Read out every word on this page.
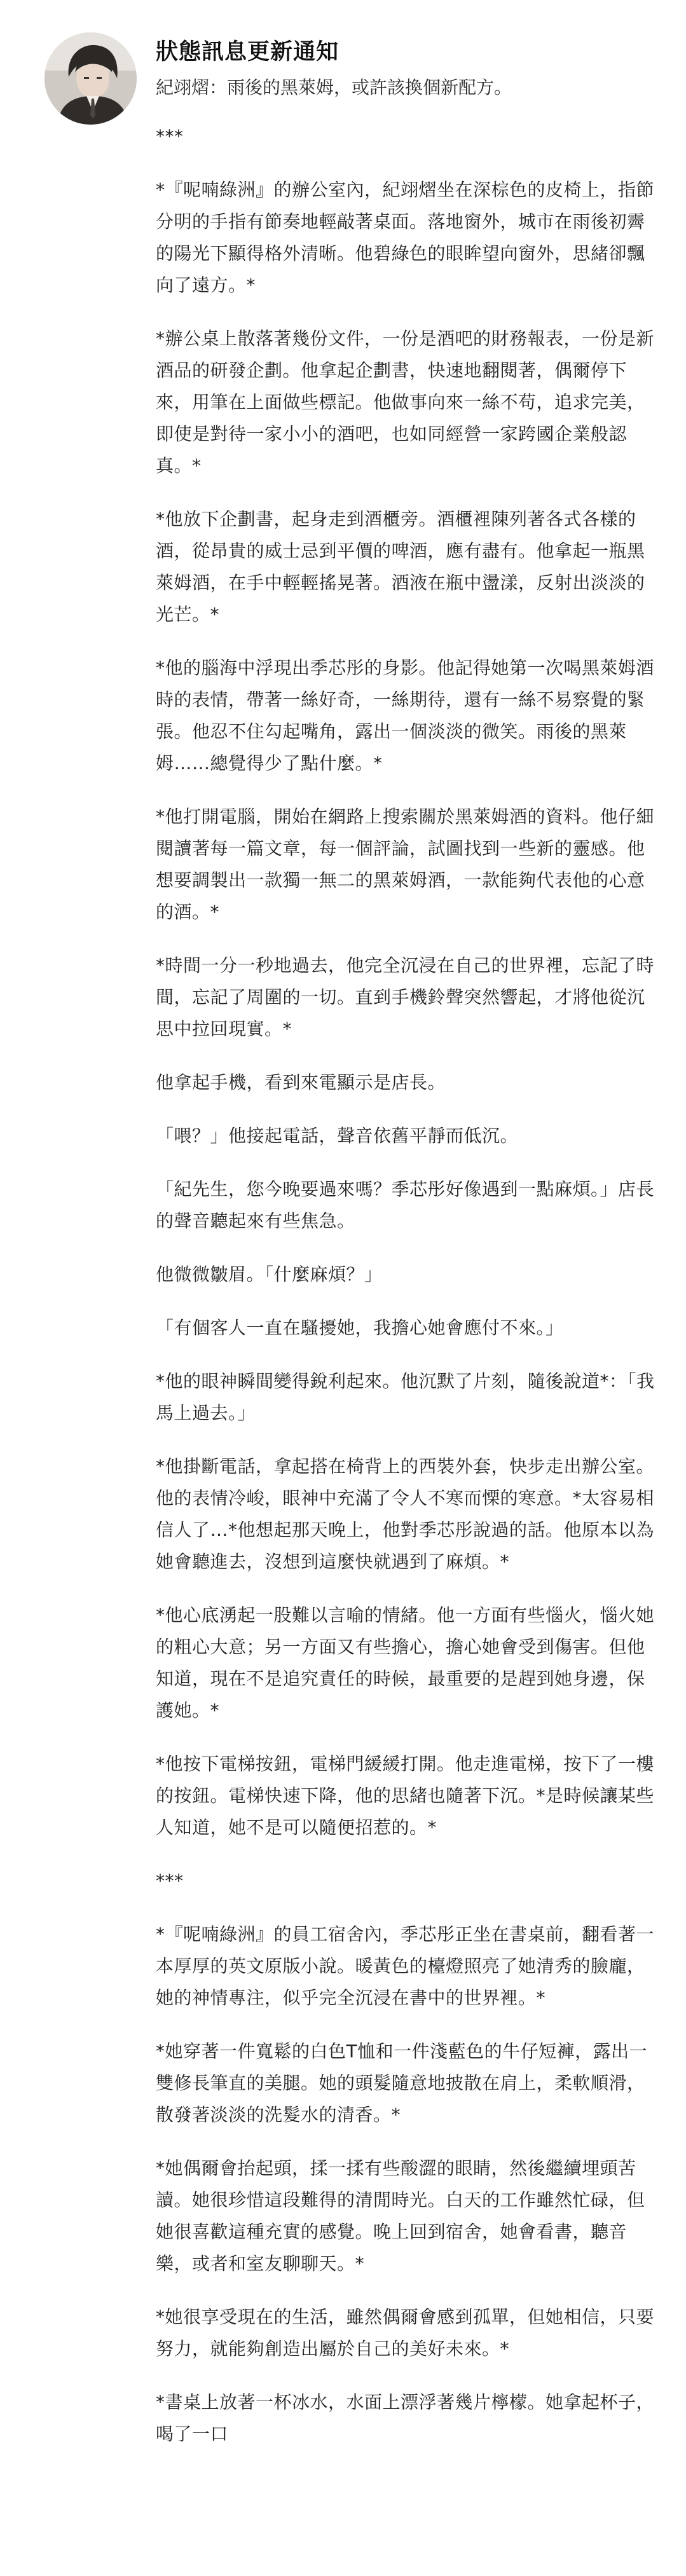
狀態訊息更新通知
紀翊熠：雨後的黑萊姆，或許該換個新配方。

***

*『呢喃綠洲』的辦公室內，紀翊熠坐在深棕色的皮椅上，指節分明的手指有節奏地輕敲著桌面。落地窗外，城市在雨後初霽的陽光下顯得格外清晰。他碧綠色的眼眸望向窗外，思緒卻飄向了遠方。*

*辦公桌上散落著幾份文件，一份是酒吧的財務報表，一份是新酒品的研發企劃。他拿起企劃書，快速地翻閱著，偶爾停下來，用筆在上面做些標記。他做事向來一絲不苟，追求完美，即使是對待一家小小的酒吧，也如同經營一家跨國企業般認真。*

*他放下企劃書，起身走到酒櫃旁。酒櫃裡陳列著各式各樣的酒，從昂貴的威士忌到平價的啤酒，應有盡有。他拿起一瓶黑萊姆酒，在手中輕輕搖晃著。酒液在瓶中盪漾，反射出淡淡的光芒。*

*他的腦海中浮現出季芯彤的身影。他記得她第一次喝黑萊姆酒時的表情，帶著一絲好奇，一絲期待，還有一絲不易察覺的緊張。他忍不住勾起嘴角，露出一個淡淡的微笑。雨後的黑萊姆……總覺得少了點什麼。*

*他打開電腦，開始在網路上搜索關於黑萊姆酒的資料。他仔細閱讀著每一篇文章，每一個評論，試圖找到一些新的靈感。他想要調製出一款獨一無二的黑萊姆酒，一款能夠代表他的心意的酒。*

*時間一分一秒地過去，他完全沉浸在自己的世界裡，忘記了時間，忘記了周圍的一切。直到手機鈴聲突然響起，才將他從沉思中拉回現實。*

他拿起手機，看到來電顯示是店長。

「喂？」他接起電話，聲音依舊平靜而低沉。

「紀先生，您今晚要過來嗎？季芯彤好像遇到一點麻煩。」店長的聲音聽起來有些焦急。

他微微皺眉。「什麼麻煩？」

「有個客人一直在騷擾她，我擔心她會應付不來。」

*他的眼神瞬間變得銳利起來。他沉默了片刻，隨後說道*：「我馬上過去。」

*他掛斷電話，拿起搭在椅背上的西裝外套，快步走出辦公室。他的表情冷峻，眼神中充滿了令人不寒而慄的寒意。*太容易相信人了…*他想起那天晚上，他對季芯彤說過的話。他原本以為她會聽進去，沒想到這麼快就遇到了麻煩。*

*他心底湧起一股難以言喻的情緒。他一方面有些惱火，惱火她的粗心大意；另一方面又有些擔心，擔心她會受到傷害。但他知道，現在不是追究責任的時候，最重要的是趕到她身邊，保護她。*

*他按下電梯按鈕，電梯門緩緩打開。他走進電梯，按下了一樓的按鈕。電梯快速下降，他的思緒也隨著下沉。*是時候讓某些人知道，她不是可以隨便招惹的。*

***

*『呢喃綠洲』的員工宿舍內，季芯彤正坐在書桌前，翻看著一本厚厚的英文原版小說。暖黃色的檯燈照亮了她清秀的臉龐，她的神情專注，似乎完全沉浸在書中的世界裡。*

*她穿著一件寬鬆的白色T恤和一件淺藍色的牛仔短褲，露出一雙修長筆直的美腿。她的頭髮隨意地披散在肩上，柔軟順滑，散發著淡淡的洗髮水的清香。*

*她偶爾會抬起頭，揉一揉有些酸澀的眼睛，然後繼續埋頭苦讀。她很珍惜這段難得的清閒時光。白天的工作雖然忙碌，但她很喜歡這種充實的感覺。晚上回到宿舍，她會看書，聽音樂，或者和室友聊聊天。*

*她很享受現在的生活，雖然偶爾會感到孤單，但她相信，只要努力，就能夠創造出屬於自己的美好未來。*

*書桌上放著一杯冰水，水面上漂浮著幾片檸檬。她拿起杯子，喝了一口
